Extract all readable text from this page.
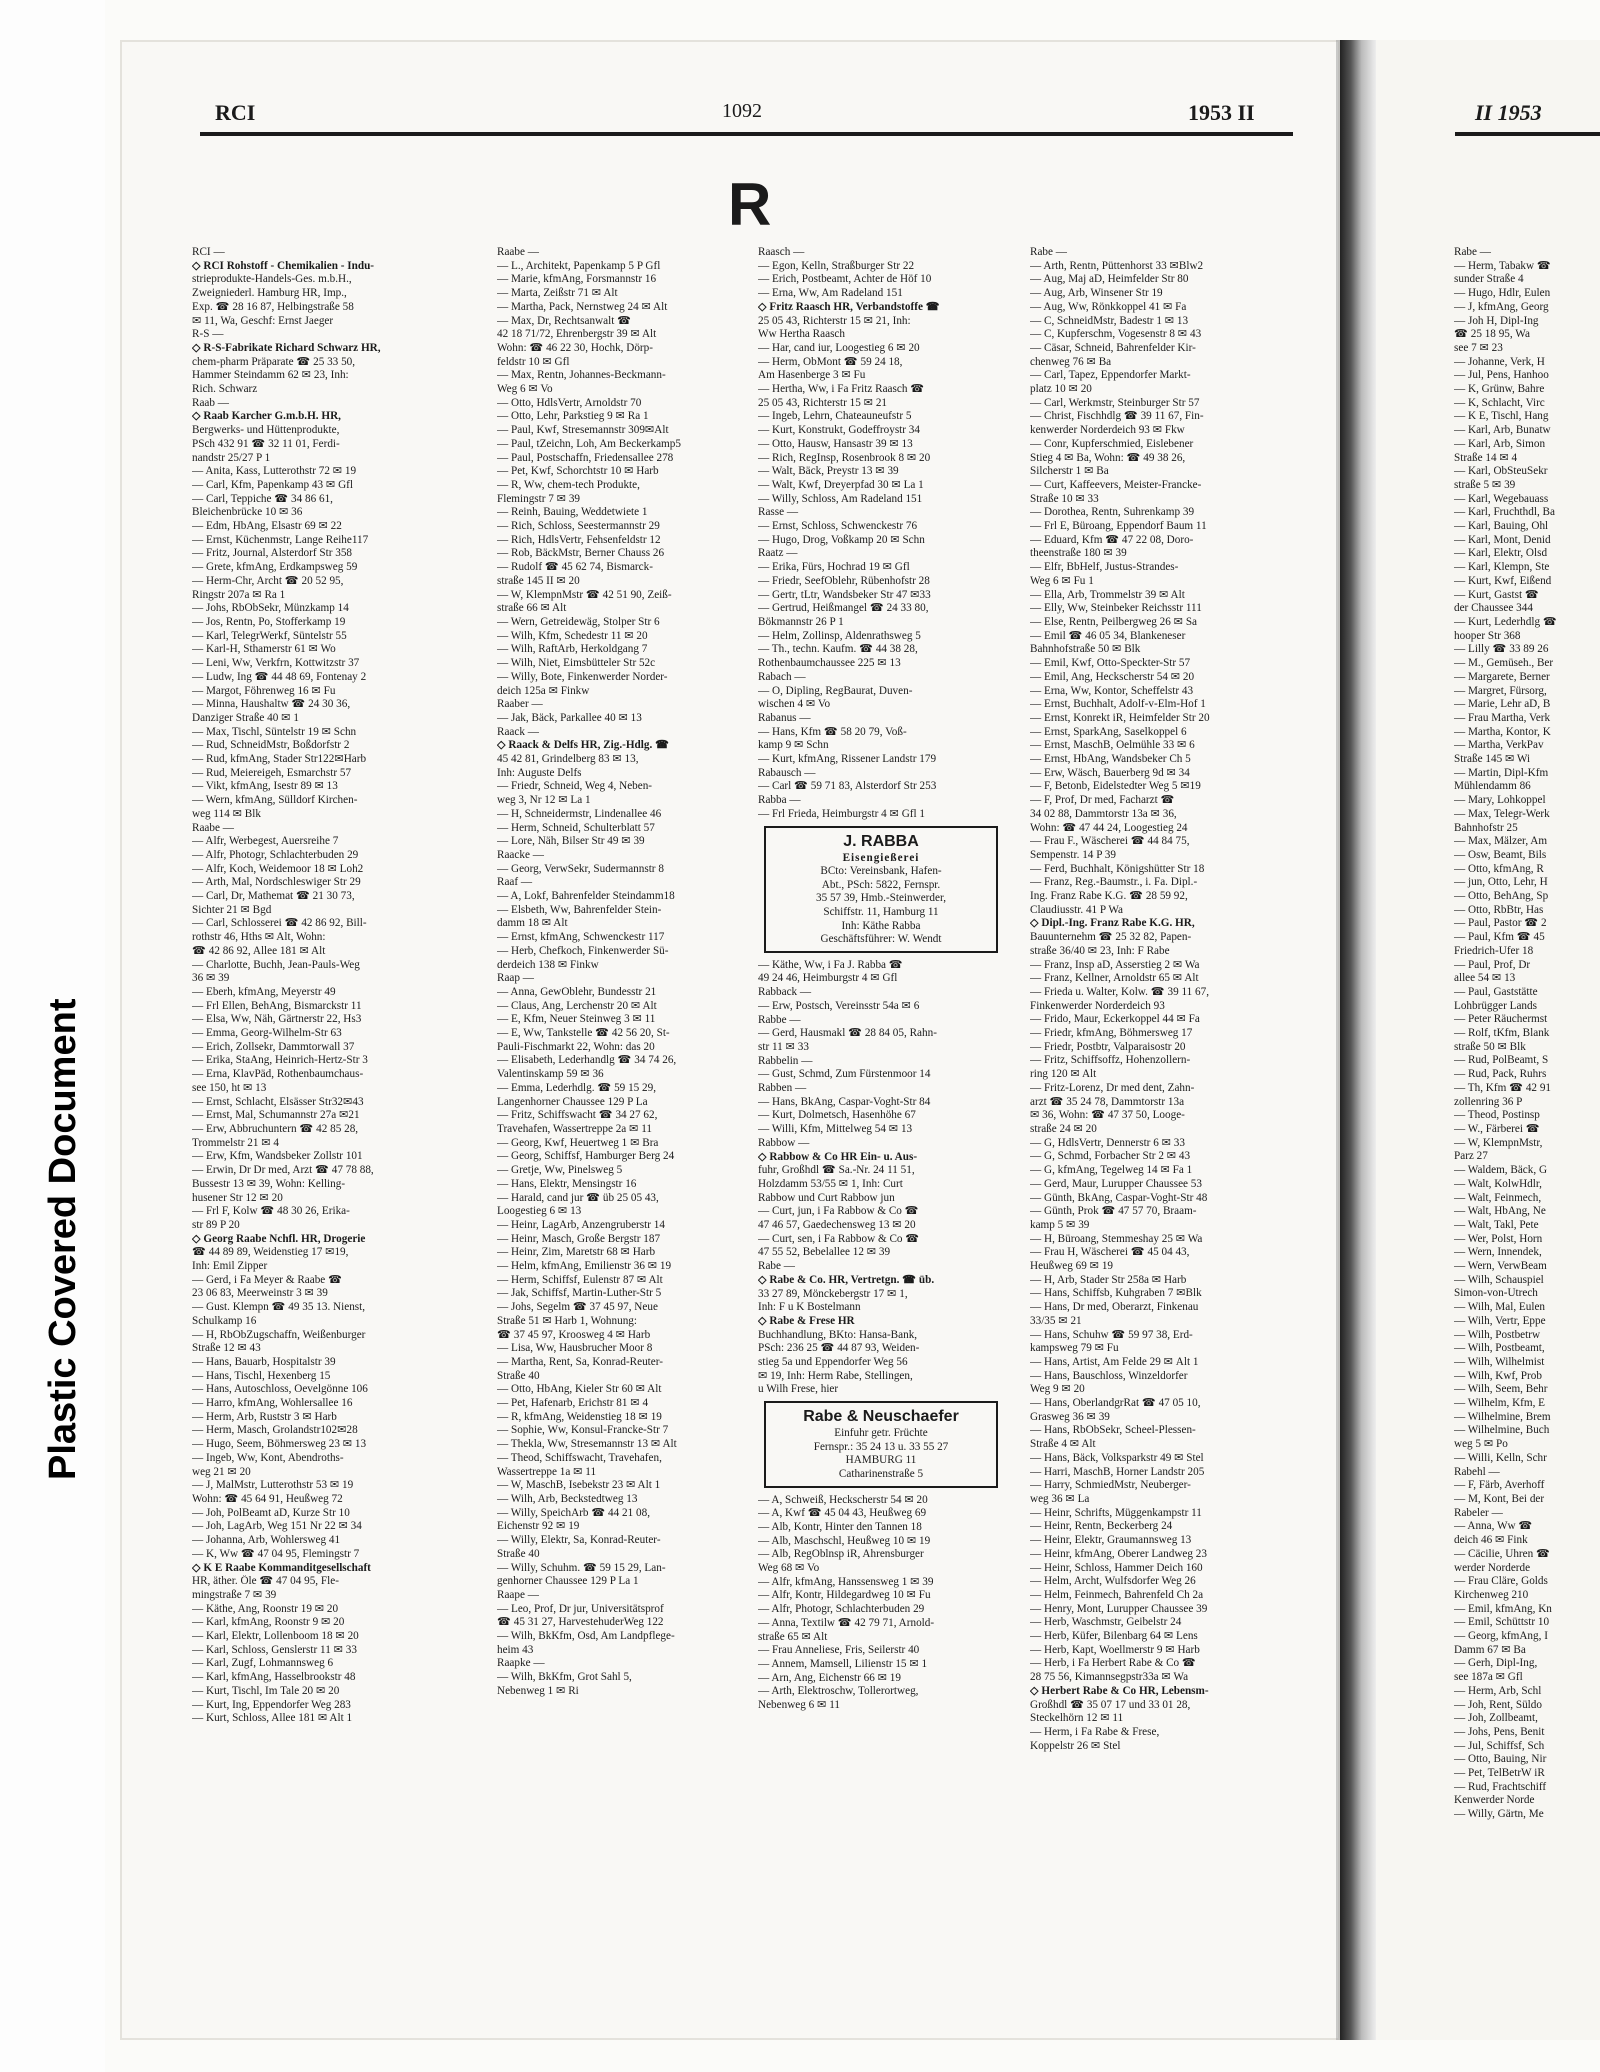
Plastic Covered Document
RCI	1092	1953 II	II 1953
R
RCI —
◇ RCI Rohstoff - Chemikalien - Indu-
strieprodukte-Handels-Ges. m.b.H.,
Zweigniederl. Hamburg HR, Imp.,
Exp. ☎ 28 16 87, Helbingstraße 58
✉ 11, Wa, Geschf: Ernst Jaeger
R-S —
◇ R-S-Fabrikate Richard Schwarz HR,
chem-pharm Präparate ☎ 25 33 50,
Hammer Steindamm 62 ✉ 23, Inh:
Rich. Schwarz
Raab —
◇ Raab Karcher G.m.b.H. HR,
Bergwerks- und Hüttenprodukte,
PSch 432 91 ☎ 32 11 01, Ferdi-
nandstr 25/27 P 1
— Anita, Kass, Lutterothstr 72 ✉ 19
— Carl, Kfm, Papenkamp 43 ✉ Gfl
— Carl, Teppiche ☎ 34 86 61,
Bleichenbrücke 10 ✉ 36
— Edm, HbAng, Elsastr 69 ✉ 22
— Ernst, Küchenmstr, Lange Reihe117
— Fritz, Journal, Alsterdorf Str 358
— Grete, kfmAng, Erdkampsweg 59
— Herm-Chr, Archt ☎ 20 52 95,
Ringstr 207a ✉ Ra 1
— Johs, RbObSekr, Münzkamp 14
— Jos, Rentn, Po, Stofferkamp 19
— Karl, TelegrWerkf, Süntelstr 55
— Karl-H, Sthamerstr 61 ✉ Wo
— Leni, Ww, Verkfrn, Kottwitzstr 37
— Ludw, Ing ☎ 44 48 69, Fontenay 2
— Margot, Föhrenweg 16 ✉ Fu
— Minna, Haushaltw ☎ 24 30 36,
Danziger Straße 40 ✉ 1
— Max, Tischl, Süntelstr 19 ✉ Schn
— Rud, SchneidMstr, Boßdorfstr 2
— Rud, kfmAng, Stader Str122✉Harb
— Rud, Meiereigeh, Esmarchstr 57
— Vikt, kfmAng, Isestr 89 ✉ 13
— Wern, kfmAng, Sülldorf Kirchen-
weg 114 ✉ Blk
Raabe —
— Alfr, Werbegest, Auersreihe 7
— Alfr, Photogr, Schlachterbuden 29
— Alfr, Koch, Weidemoor 18 ✉ Loh2
— Arth, Mal, Nordschleswiger Str 29
— Carl, Dr, Mathemat ☎ 21 30 73,
Sichter 21 ✉ Bgd
— Carl, Schlosserei ☎ 42 86 92, Bill-
rothstr 46, Hths ✉ Alt, Wohn:
☎ 42 86 92, Allee 181 ✉ Alt
— Charlotte, Buchh, Jean-Pauls-Weg
36 ✉ 39
— Eberh, kfmAng, Meyerstr 49
— Frl Ellen, BehAng, Bismarckstr 11
— Elsa, Ww, Näh, Gärtnerstr 22, Hs3
— Emma, Georg-Wilhelm-Str 63
— Erich, Zollsekr, Dammtorwall 37
— Erika, StaAng, Heinrich-Hertz-Str 3
— Erna, KlavPäd, Rothenbaumchaus-
see 150, ht ✉ 13
— Ernst, Schlacht, Elsässer Str32✉43
— Ernst, Mal, Schumannstr 27a ✉21
— Erw, Abbruchuntern ☎ 42 85 28,
Trommelstr 21 ✉ 4
— Erw, Kfm, Wandsbeker Zollstr 101
— Erwin, Dr Dr med, Arzt ☎ 47 78 88,
Bussestr 13 ✉ 39, Wohn: Kelling-
husener Str 12 ✉ 20
— Frl F, Kolw ☎ 48 30 26, Erika-
str 89 P 20
◇ Georg Raabe Nchfl. HR, Drogerie
☎ 44 89 89, Weidenstieg 17 ✉19,
Inh: Emil Zipper
— Gerd, i Fa Meyer & Raabe ☎
23 06 83, Meerweinstr 3 ✉ 39
— Gust. Klempn ☎ 49 35 13. Nienst,
Schulkamp 16
— H, RbObZugschaffn, Weißenburger
Straße 12 ✉ 43
— Hans, Bauarb, Hospitalstr 39
— Hans, Tischl, Hexenberg 15
— Hans, Autoschloss, Oevelgönne 106
— Harro, kfmAng, Wohlersallee 16
— Herm, Arb, Ruststr 3 ✉ Harb
— Herm, Masch, Grolandstr102✉28
— Hugo, Seem, Böhmersweg 23 ✉ 13
— Ingeb, Ww, Kont, Abendroths-
weg 21 ✉ 20
— J, MalMstr, Lutterothstr 53 ✉ 19
Wohn: ☎ 45 64 91, Heußweg 72
— Joh, PolBeamt aD, Kurze Str 10
— Joh, LagArb, Weg 151 Nr 22 ✉ 34
— Johanna, Arb, Wohlersweg 41
— K, Ww ☎ 47 04 95, Flemingstr 7
◇ K E Raabe Kommanditgesellschaft
HR, äther. Öle ☎ 47 04 95, Fle-
mingstraße 7 ✉ 39
— Käthe, Ang, Roonstr 19 ✉ 20
— Karl, kfmAng, Roonstr 9 ✉ 20
— Karl, Elektr, Lollenboom 18 ✉ 20
— Karl, Schloss, Genslerstr 11 ✉ 33
— Karl, Zugf, Lohmannsweg 6
— Karl, kfmAng, Hasselbrookstr 48
— Kurt, Tischl, Im Tale 20 ✉ 20
— Kurt, Ing, Eppendorfer Weg 283
— Kurt, Schloss, Allee 181 ✉ Alt 1
Raabe —
— L., Architekt, Papenkamp 5 P Gfl
— Marie, kfmAng, Forsmannstr 16
— Marta, Zeißstr 71 ✉ Alt
— Martha, Pack, Nernstweg 24 ✉ Alt
— Max, Dr, Rechtsanwalt ☎
42 18 71/72, Ehrenbergstr 39 ✉ Alt
Wohn: ☎ 46 22 30, Hochk, Dörp-
feldstr 10 ✉ Gfl
— Max, Rentn, Johannes-Beckmann-
Weg 6 ✉ Vo
— Otto, HdlsVertr, Arnoldstr 70
— Otto, Lehr, Parkstieg 9 ✉ Ra 1
— Paul, Kwf, Stresemannstr 309✉Alt
— Paul, tZeichn, Loh, Am Beckerkamp5
— Paul, Postschaffn, Friedensallee 278
— Pet, Kwf, Schorchtstr 10 ✉ Harb
— R, Ww, chem-tech Produkte,
Flemingstr 7 ✉ 39
— Reinh, Bauing, Weddetwiete 1
— Rich, Schloss, Seestermannstr 29
— Rich, HdlsVertr, Fehsenfeldstr 12
— Rob, BäckMstr, Berner Chauss 26
— Rudolf ☎ 45 62 74, Bismarck-
straße 145 II ✉ 20
— W, KlempnMstr ☎ 42 51 90, Zeiß-
straße 66 ✉ Alt
— Wern, Getreidewäg, Stolper Str 6
— Wilh, Kfm, Schedestr 11 ✉ 20
— Wilh, RaftArb, Herkoldgang 7
— Wilh, Niet, Eimsbütteler Str 52c
— Willy, Bote, Finkenwerder Norder-
deich 125a ✉ Finkw
Raaber —
— Jak, Bäck, Parkallee 40 ✉ 13
Raack —
◇ Raack & Delfs HR, Zig.-Hdlg. ☎
45 42 81, Grindelberg 83 ✉ 13,
Inh: Auguste Delfs
— Friedr, Schneid, Weg 4, Neben-
weg 3, Nr 12 ✉ La 1
— H, Schneidermstr, Lindenallee 46
— Herm, Schneid, Schulterblatt 57
— Lore, Näh, Bilser Str 49 ✉ 39
Raacke —
— Georg, VerwSekr, Sudermannstr 8
Raaf —
— A, Lokf, Bahrenfelder Steindamm18
— Elsbeth, Ww, Bahrenfelder Stein-
damm 18 ✉ Alt
— Ernst, kfmAng, Schwenckestr 117
— Herb, Chefkoch, Finkenwerder Sü-
derdeich 138 ✉ Finkw
Raap —
— Anna, GewOblehr, Bundesstr 21
— Claus, Ang, Lerchenstr 20 ✉ Alt
— E, Kfm, Neuer Steinweg 3 ✉ 11
— E, Ww, Tankstelle ☎ 42 56 20, St-
Pauli-Fischmarkt 22, Wohn: das 20
— Elisabeth, Lederhandlg ☎ 34 74 26,
Valentinskamp 59 ✉ 36
— Emma, Lederhdlg. ☎ 59 15 29,
Langenhorner Chaussee 129 P La
— Fritz, Schiffswacht ☎ 34 27 62,
Travehafen, Wassertreppe 2a ✉ 11
— Georg, Kwf, Heuertweg 1 ✉ Bra
— Georg, Schiffsf, Hamburger Berg 24
— Gretje, Ww, Pinelsweg 5
— Hans, Elektr, Mensingstr 16
— Harald, cand jur ☎ üb 25 05 43,
Loogestieg 6 ✉ 13
— Heinr, LagArb, Anzengruberstr 14
— Heinr, Masch, Große Bergstr 187
— Heinr, Zim, Maretstr 68 ✉ Harb
— Helm, kfmAng, Emilienstr 36 ✉ 19
— Herm, Schiffsf, Eulenstr 87 ✉ Alt
— Jak, Schiffsf, Martin-Luther-Str 5
— Johs, Segelm ☎ 37 45 97, Neue
Straße 51 ✉ Harb 1, Wohnung:
☎ 37 45 97, Kroosweg 4 ✉ Harb
— Lisa, Ww, Hausbrucher Moor 8
— Martha, Rent, Sa, Konrad-Reuter-
Straße 40
— Otto, HbAng, Kieler Str 60 ✉ Alt
— Pet, Hafenarb, Erichstr 81 ✉ 4
— R, kfmAng, Weidenstieg 18 ✉ 19
— Sophie, Ww, Konsul-Francke-Str 7
— Thekla, Ww, Stresemannstr 13 ✉ Alt
— Theod, Schiffswacht, Travehafen,
Wassertreppe 1a ✉ 11
— W, MaschB, Isebekstr 23 ✉ Alt 1
— Wilh, Arb, Beckstedtweg 13
— Willy, SpeichArb ☎ 44 21 08,
Eichenstr 92 ✉ 19
— Willy, Elektr, Sa, Konrad-Reuter-
Straße 40
— Willy, Schuhm. ☎ 59 15 29, Lan-
genhorner Chaussee 129 P La 1
Raape —
— Leo, Prof, Dr jur, Universitätsprof
☎ 45 31 27, HarvestehuderWeg 122
— Wilh, BkKfm, Osd, Am Landpflege-
heim 43
Raapke —
— Wilh, BkKfm, Grot Sahl 5,
Nebenweg 1 ✉ Ri
Raasch —
— Egon, Kelln, Straßburger Str 22
— Erich, Postbeamt, Achter de Höf 10
— Erna, Ww, Am Radeland 151
◇ Fritz Raasch HR, Verbandstoffe ☎
25 05 43, Richterstr 15 ✉ 21, Inh:
Ww Hertha Raasch
— Har, cand iur, Loogestieg 6 ✉ 20
— Herm, ObMont ☎ 59 24 18,
Am Hasenberge 3 ✉ Fu
— Hertha, Ww, i Fa Fritz Raasch ☎
25 05 43, Richterstr 15 ✉ 21
— Ingeb, Lehrn, Chateauneufstr 5
— Kurt, Konstrukt, Godeffroystr 34
— Otto, Hausw, Hansastr 39 ✉ 13
— Rich, RegInsp, Rosenbrook 8 ✉ 20
— Walt, Bäck, Preystr 13 ✉ 39
— Walt, Kwf, Dreyerpfad 30 ✉ La 1
— Willy, Schloss, Am Radeland 151
Rasse —
— Ernst, Schloss, Schwenckestr 76
— Hugo, Drog, Voßkamp 20 ✉ Schn
Raatz —
— Erika, Fürs, Hochrad 19 ✉ Gfl
— Friedr, SeefOblehr, Rübenhofstr 28
— Gertr, tLtr, Wandsbeker Str 47 ✉33
— Gertrud, Heißmangel ☎ 24 33 80,
Bökmannstr 26 P 1
— Helm, Zollinsp, Aldenrathsweg 5
— Th., techn. Kaufm. ☎ 44 38 28,
Rothenbaumchaussee 225 ✉ 13
Rabach —
— O, Dipling, RegBaurat, Duven-
wischen 4 ✉ Vo
Rabanus —
— Hans, Kfm ☎ 58 20 79, Voß-
kamp 9 ✉ Schn
— Kurt, kfmAng, Rissener Landstr 179
Rabausch —
— Carl ☎ 59 71 83, Alsterdorf Str 253
Rabba —
— Frl Frieda, Heimburgstr 4 ✉ Gfl 1
J. RABBA
Eisengießerei
BCto: Vereinsbank, Hafen-
Abt., PSch: 5822, Fernspr.
35 57 39, Hmb.-Steinwerder,
Schiffstr. 11, Hamburg 11
Inh: Käthe Rabba
Geschäftsführer: W. Wendt
— Käthe, Ww, i Fa J. Rabba ☎
49 24 46, Heimburgstr 4 ✉ Gfl
Rabback —
— Erw, Postsch, Vereinsstr 54a ✉ 6
Rabbe —
— Gerd, Hausmakl ☎ 28 84 05, Rahn-
str 11 ✉ 33
Rabbelin —
— Gust, Schmd, Zum Fürstenmoor 14
Rabben —
— Hans, BkAng, Caspar-Voght-Str 84
— Kurt, Dolmetsch, Hasenhöhe 67
— Willi, Kfm, Mittelweg 54 ✉ 13
Rabbow —
◇ Rabbow & Co HR Ein- u. Aus-
fuhr, Großhdl ☎ Sa.-Nr. 24 11 51,
Holzdamm 53/55 ✉ 1, Inh: Curt
Rabbow und Curt Rabbow jun
— Curt, jun, i Fa Rabbow & Co ☎
47 46 57, Gaedechensweg 13 ✉ 20
— Curt, sen, i Fa Rabbow & Co ☎
47 55 52, Bebelallee 12 ✉ 39
Rabe —
◇ Rabe & Co. HR, Vertretgn. ☎ üb.
33 27 89, Mönckebergstr 17 ✉ 1,
Inh: F u K Bostelmann
◇ Rabe & Frese HR
Buchhandlung, BKto: Hansa-Bank,
PSch: 236 25 ☎ 44 87 93, Weiden-
stieg 5a und Eppendorfer Weg 56
✉ 19, Inh: Herm Rabe, Stellingen,
u Wilh Frese, hier
Rabe & Neuschaefer
Einfuhr getr. Früchte
Fernspr.: 35 24 13 u. 33 55 27
HAMBURG 11
Catharinenstraße 5
— A, Schweiß, Heckscherstr 54 ✉ 20
— A, Kwf ☎ 45 04 43, Heußweg 69
— Alb, Kontr, Hinter den Tannen 18
— Alb, Maschschl, Heußweg 10 ✉ 19
— Alb, RegOblnsp iR, Ahrensburger
Weg 68 ✉ Vo
— Alfr, kfmAng, Hanssensweg 1 ✉ 39
— Alfr, Kontr, Hildegardweg 10 ✉ Fu
— Alfr, Photogr, Schlachterbuden 29
— Anna, Textilw ☎ 42 79 71, Arnold-
straße 65 ✉ Alt
— Frau Anneliese, Fris, Seilerstr 40
— Annem, Mamsell, Lilienstr 15 ✉ 1
— Arn, Ang, Eichenstr 66 ✉ 19
— Arth, Elektroschw, Tollerortweg,
Nebenweg 6 ✉ 11
Rabe —
— Arth, Rentn, Püttenhorst 33 ✉Blw2
— Aug, Maj aD, Heimfelder Str 80
— Aug, Arb, Winsener Str 19
— Aug, Ww, Rönkkoppel 41 ✉ Fa
— C, SchneidMstr, Badestr 1 ✉ 13
— C, Kupferschm, Vogesenstr 8 ✉ 43
— Cäsar, Schneid, Bahrenfelder Kir-
chenweg 76 ✉ Ba
— Carl, Tapez, Eppendorfer Markt-
platz 10 ✉ 20
— Carl, Werkmstr, Steinburger Str 57
— Christ, Fischhdlg ☎ 39 11 67, Fin-
kenwerder Norderdeich 93 ✉ Fkw
— Conr, Kupferschmied, Eislebener
Stieg 4 ✉ Ba, Wohn: ☎ 49 38 26,
Silcherstr 1 ✉ Ba
— Curt, Kaffeevers, Meister-Francke-
Straße 10 ✉ 33
— Dorothea, Rentn, Suhrenkamp 39
— Frl E, Büroang, Eppendorf Baum 11
— Eduard, Kfm ☎ 47 22 08, Doro-
theenstraße 180 ✉ 39
— Elfr, BbHelf, Justus-Strandes-
Weg 6 ✉ Fu 1
— Ella, Arb, Trommelstr 39 ✉ Alt
— Elly, Ww, Steinbeker Reichsstr 111
— Else, Rentn, Peilbergweg 26 ✉ Sa
— Emil ☎ 46 05 34, Blankeneser
Bahnhofstraße 50 ✉ Blk
— Emil, Kwf, Otto-Speckter-Str 57
— Emil, Ang, Heckscherstr 54 ✉ 20
— Erna, Ww, Kontor, Scheffelstr 43
— Ernst, Buchhalt, Adolf-v-Elm-Hof 1
— Ernst, Konrekt iR, Heimfelder Str 20
— Ernst, SparkAng, Saselkoppel 6
— Ernst, MaschB, Oelmühle 33 ✉ 6
— Ernst, HbAng, Wandsbeker Ch 5
— Erw, Wäsch, Bauerberg 9d ✉ 34
— F, Betonb, Eidelstedter Weg 5 ✉19
— F, Prof, Dr med, Facharzt ☎
34 02 88, Dammtorstr 13a ✉ 36,
Wohn: ☎ 47 44 24, Loogestieg 24
— Frau F., Wäscherei ☎ 44 84 75,
Sempenstr. 14 P 39
— Ferd, Buchhalt, Königshütter Str 18
— Franz, Reg.-Baumstr., i. Fa. Dipl.-
Ing. Franz Rabe K.G. ☎ 28 59 92,
Claudiusstr. 41 P Wa
◇ Dipl.-Ing. Franz Rabe K.G. HR,
Bauunternehm ☎ 25 32 82, Papen-
straße 36/40 ✉ 23, Inh: F Rabe
— Franz, Insp aD, Asserstieg 2 ✉ Wa
— Franz, Kellner, Arnoldstr 65 ✉ Alt
— Frieda u. Walter, Kolw. ☎ 39 11 67,
Finkenwerder Norderdeich 93
— Frido, Maur, Eckerkoppel 44 ✉ Fa
— Friedr, kfmAng, Böhmersweg 17
— Friedr, Postbtr, Valparaisostr 20
— Fritz, Schiffsoffz, Hohenzollern-
ring 120 ✉ Alt
— Fritz-Lorenz, Dr med dent, Zahn-
arzt ☎ 35 24 78, Dammtorstr 13a
✉ 36, Wohn: ☎ 47 37 50, Looge-
straße 24 ✉ 20
— G, HdlsVertr, Dennerstr 6 ✉ 33
— G, Schmd, Forbacher Str 2 ✉ 43
— G, kfmAng, Tegelweg 14 ✉ Fa 1
— Gerd, Maur, Lurupper Chaussee 53
— Günth, BkAng, Caspar-Voght-Str 48
— Günth, Prok ☎ 47 57 70, Braam-
kamp 5 ✉ 39
— H, Büroang, Stemmeshay 25 ✉ Wa
— Frau H, Wäscherei ☎ 45 04 43,
Heußweg 69 ✉ 19
— H, Arb, Stader Str 258a ✉ Harb
— Hans, Schiffsb, Kuhgraben 7 ✉Blk
— Hans, Dr med, Oberarzt, Finkenau
33/35 ✉ 21
— Hans, Schuhw ☎ 59 97 38, Erd-
kampsweg 79 ✉ Fu
— Hans, Artist, Am Feldе 29 ✉ Alt 1
— Hans, Bauschloss, Winzeldorfer
Weg 9 ✉ 20
— Hans, OberlandgrRat ☎ 47 05 10,
Grasweg 36 ✉ 39
— Hans, RbObSekr, Scheel-Plessen-
Straße 4 ✉ Alt
— Hans, Bäck, Volksparkstr 49 ✉ Stel
— Harri, MaschB, Horner Landstr 205
— Harry, SchmiedMstr, Neuberger-
weg 36 ✉ La
— Heinr, Schrifts, Müggenkampstr 11
— Heinr, Rentn, Beckerberg 24
— Heinr, Elektr, Graumannsweg 13
— Heinr, kfmAng, Oberer Landweg 23
— Heinr, Schloss, Hammer Deich 160
— Helm, Archt, Wulfsdorfer Weg 26
— Helm, Feinmech, Bahrenfeld Ch 2a
— Henry, Mont, Lurupper Chaussee 39
— Herb, Waschmstr, Geibelstr 24
— Herb, Küfer, Bilenbarg 64 ✉ Lens
— Herb, Kapt, Woellmerstr 9 ✉ Harb
— Herb, i Fa Herbert Rabe & Co ☎
28 75 56, Kimannsegpstr33a ✉ Wa
◇ Herbert Rabe & Co HR, Lebensm-
Großhdl ☎ 35 07 17 und 33 01 28,
Steckelhörn 12 ✉ 11
— Herm, i Fa Rabe & Frese,
Koppelstr 26 ✉ Stel
Rabe —
— Herm, Tabakw ☎
sunder Straße 4
— Hugo, Hdlr, Eulen
— J, kfmAng, Georg
— Joh H, Dipl-Ing
☎ 25 18 95, Wa
see 7 ✉ 23
— Johanne, Verk, H
— Jul, Pens, Hanhoo
— K, Grünw, Bahre
— K, Schlacht, Virc
— K E, Tischl, Hang
— Karl, Arb, Bunatw
— Karl, Arb, Simon
Straße 14 ✉ 4
— Karl, ObSteuSekr
straße 5 ✉ 39
— Karl, Wegebauass
— Karl, Fruchthdl, Ba
— Karl, Bauing, Ohl
— Karl, Mont, Denid
— Karl, Elektr, Olsd
— Karl, Klempn, Ste
— Kurt, Kwf, Eißend
— Kurt, Gastst ☎
der Chaussee 344
— Kurt, Lederhdlg ☎
hooper Str 368
— Lilly ☎ 33 89 26
— M., Gemüseh., Ber
— Margarete, Berner
— Margret, Fürsorg,
— Marie, Lehr aD, B
— Frau Martha, Verk
— Martha, Kontor, K
— Martha, VerkPav
Straße 145 ✉ Wi
— Martin, Dipl-Kfm
Mühlendamm 86
— Mary, Lohkoppel
— Max, Telegr-Werk
Bahnhofstr 25
— Max, Mälzer, Am
— Osw, Beamt, Bils
— Otto, kfmAng, R
— jun, Otto, Lehr, H
— Otto, BehAng, Sp
— Otto, RbBtr, Has
— Paul, Pastor ☎ 2
— Paul, Kfm ☎ 45
Friedrich-Ufer 18
— Paul, Prof, Dr
allee 54 ✉ 13
— Paul, Gaststätte
Lohbrügger Lands
— Peter Räuchermst
— Rolf, tKfm, Blank
straße 50 ✉ Blk
— Rud, PolBeamt, S
— Rud, Pack, Ruhrs
— Th, Kfm ☎ 42 91
zollenring 36 P
— Theod, Postinsp
— W., Färberei ☎
— W, KlempnMstr,
Parz 27
— Waldem, Bäck, G
— Walt, KolwHdlr,
— Walt, Feinmech,
— Walt, HbAng, Ne
— Walt, Takl, Pete
— Wer, Polst, Horn
— Wern, Innendek,
— Wern, VerwBeam
— Wilh, Schauspiel
Simon-von-Utrech
— Wilh, Mal, Eulen
— Wilh, Vertr, Eppe
— Wilh, Postbetrw
— Wilh, Postbeamt,
— Wilh, Wilhelmist
— Wilh, Kwf, Prob
— Wilh, Seem, Behr
— Wilhelm, Kfm, E
— Wilhelmine, Brem
— Wilhelmine, Buch
weg 5 ✉ Po
— Willi, Kelln, Schr
Rabehl —
— F, Färb, Averhoff
— M, Kont, Bei der
Rabeler —
— Anna, Ww ☎
deich 46 ✉ Fink
— Cäcilie, Uhren ☎
werder Norderde
— Frau Cläre, Golds
Kirchenweg 210
— Emil, kfmAng, Kn
— Emil, Schüttstr 10
— Georg, kfmAng, I
Damm 67 ✉ Ba
— Gerh, Dipl-Ing,
see 187a ✉ Gfl
— Herm, Arb, Schl
— Joh, Rent, Süldo
— Joh, Zollbeamt,
— Johs, Pens, Benit
— Jul, Schiffsf, Sch
— Otto, Bauing, Nir
— Pet, TelBetrW iR
— Rud, Frachtschiff
Kenwerder Norde
— Willy, Gärtn, Me
